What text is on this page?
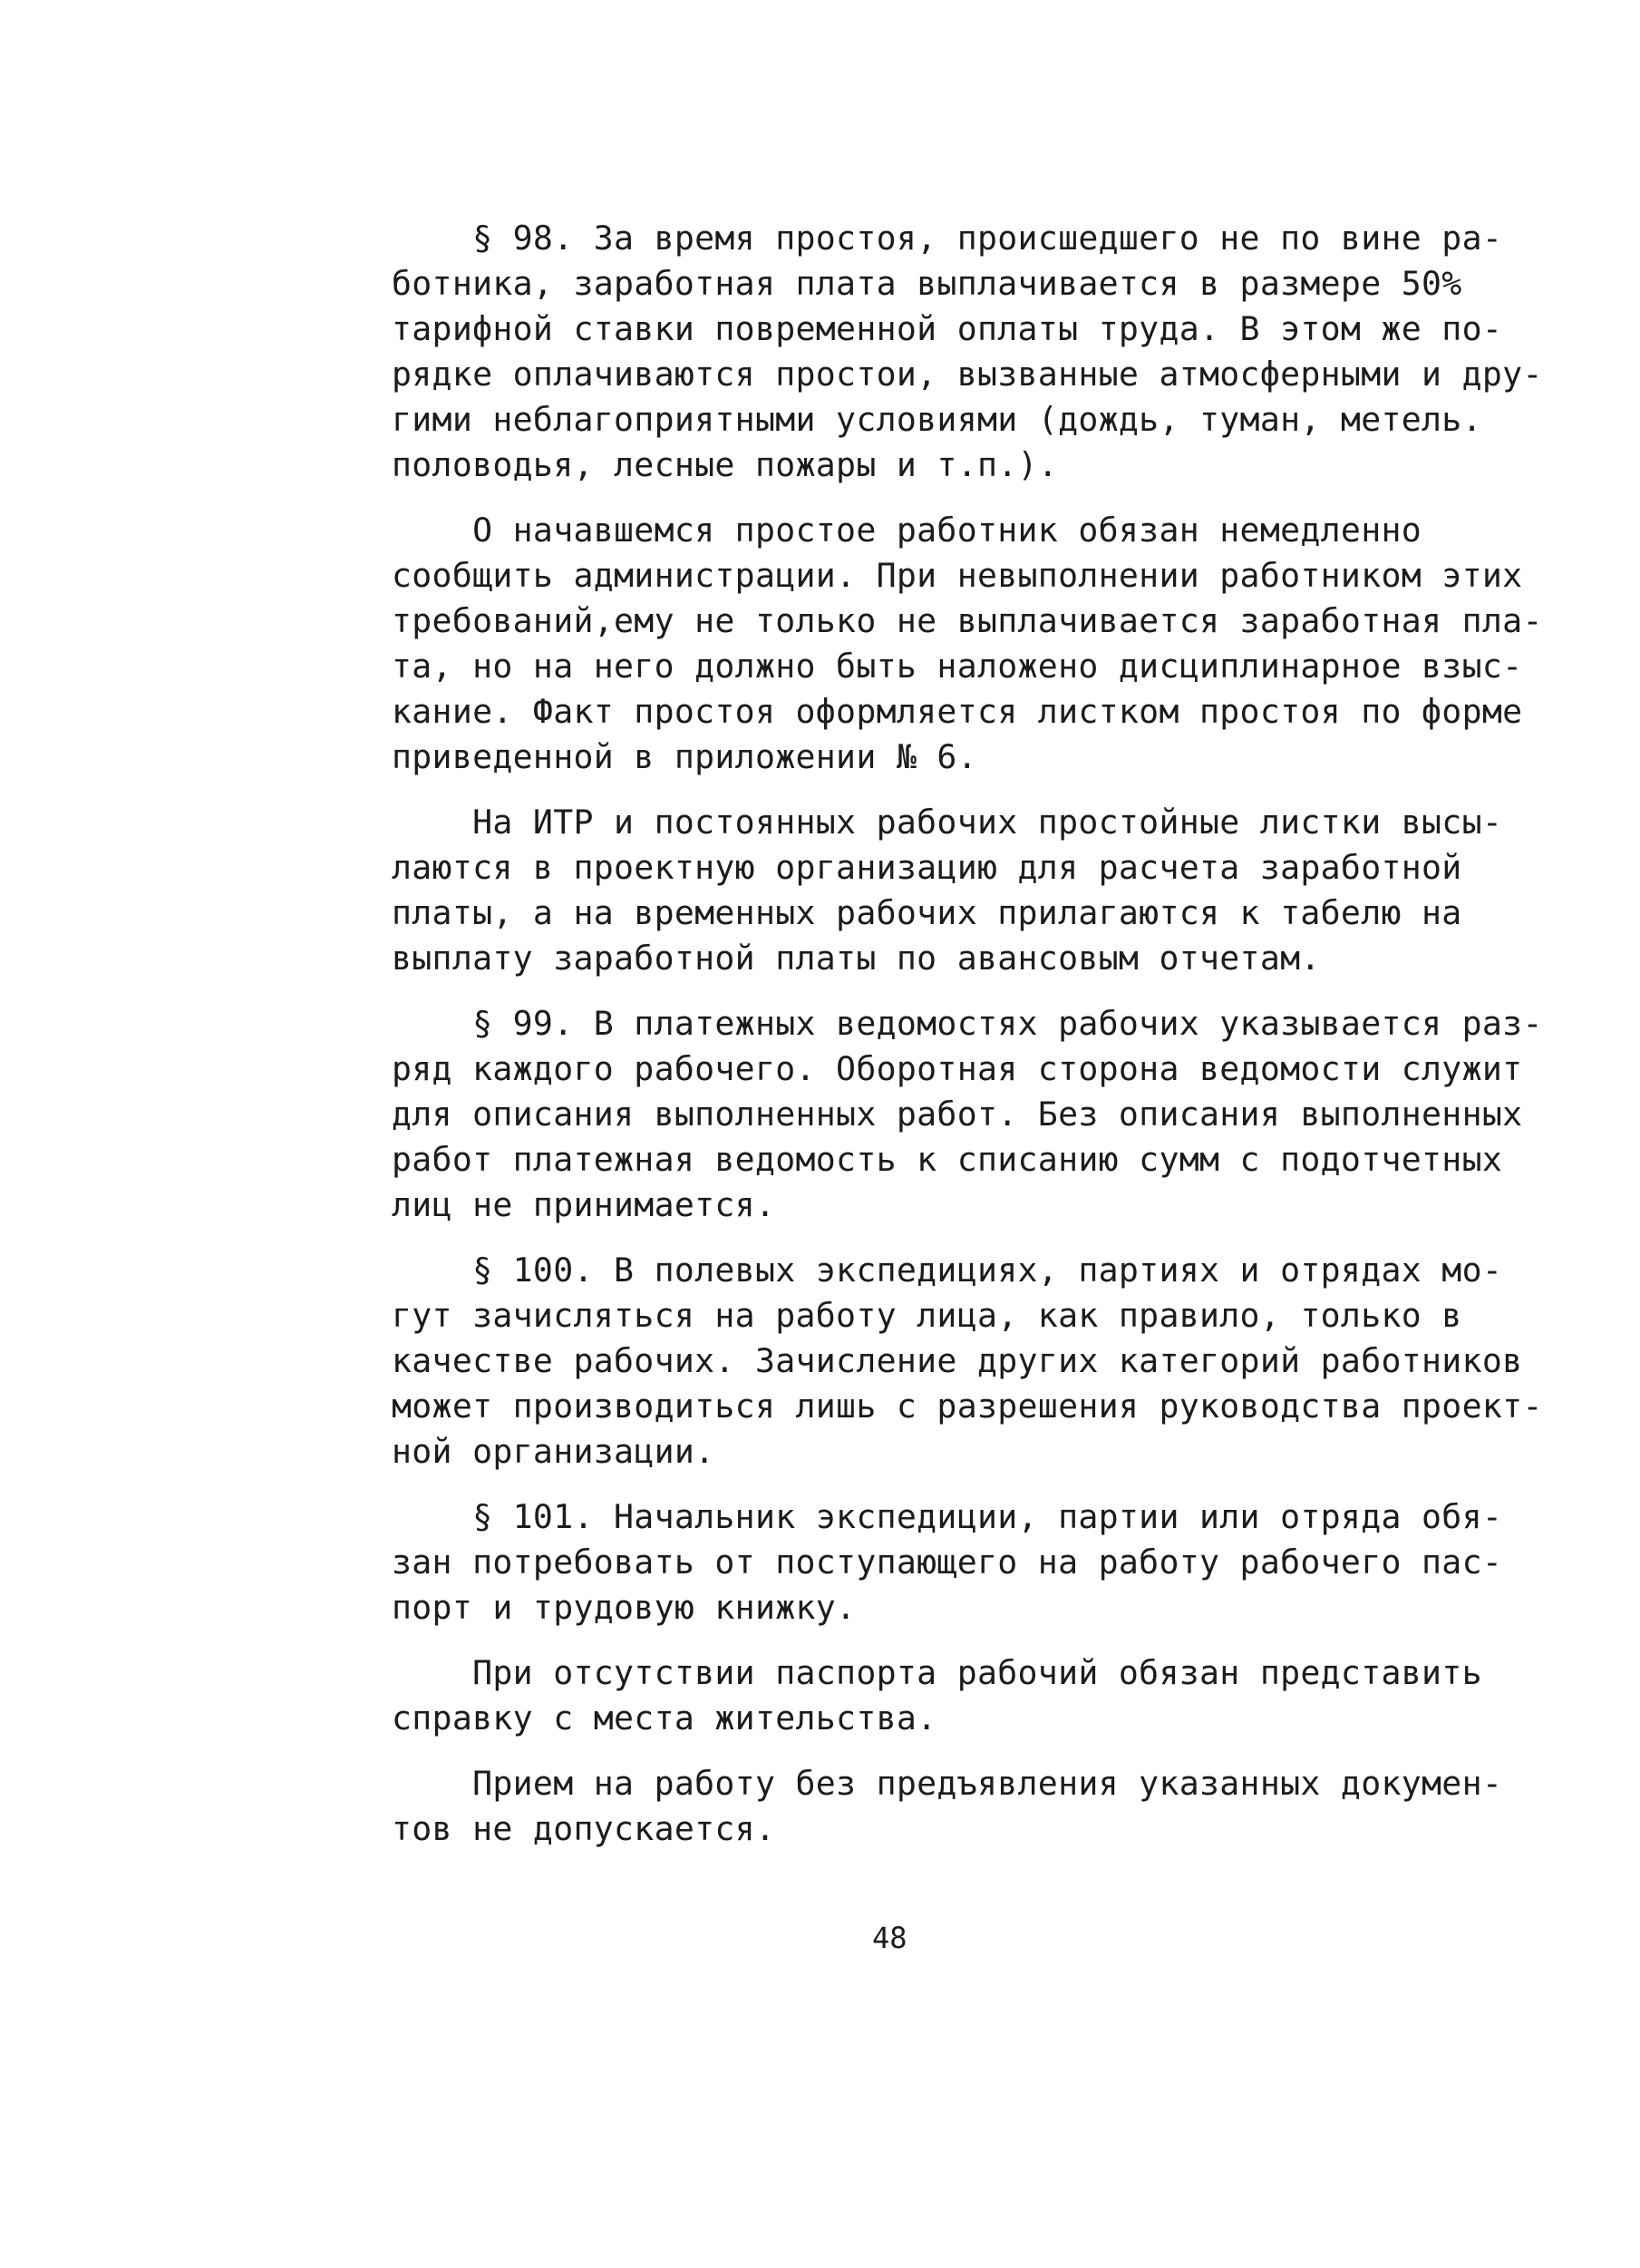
§ 98. За время простоя, происшедшего не по вине ра-
ботника, заработная плата выплачивается в размере 50%
тарифной ставки повременной оплаты труда. В этом же по-
рядке оплачиваются простои, вызванные атмосферными и дру-
гими неблагоприятными условиями (дождь, туман, метель.
половодья, лесные пожары и т.п.).
О начавшемся простое работник обязан немедленно
сообщить администрации. При невыполнении работником этих
требований,ему не только не выплачивается заработная пла-
та, но на него должно быть наложено дисциплинарное взыс-
кание. Факт простоя оформляется листком простоя по форме
приведенной в приложении № 6.
На ИТР и постоянных рабочих простойные листки высы-
лаются в проектную организацию для расчета заработной
платы, а на временных рабочих прилагаются к табелю на
выплату заработной платы по авансовым отчетам.
§ 99. В платежных ведомостях рабочих указывается раз-
ряд каждого рабочего. Оборотная сторона ведомости служит
для описания выполненных работ. Без описания выполненных
работ платежная ведомость к списанию сумм с подотчетных
лиц не принимается.
§ 100. В полевых экспедициях, партиях и отрядах мо-
гут зачисляться на работу лица, как правило, только в
качестве рабочих. Зачисление других категорий работников
может производиться лишь с разрешения руководства проект-
ной организации.
§ 101. Начальник экспедиции, партии или отряда обя-
зан потребовать от поступающего на работу рабочего пас-
порт и трудовую книжку.
При отсутствии паспорта рабочий обязан представить
справку с места жительства.
Прием на работу без предъявления указанных докумен-
тов не допускается.
48
